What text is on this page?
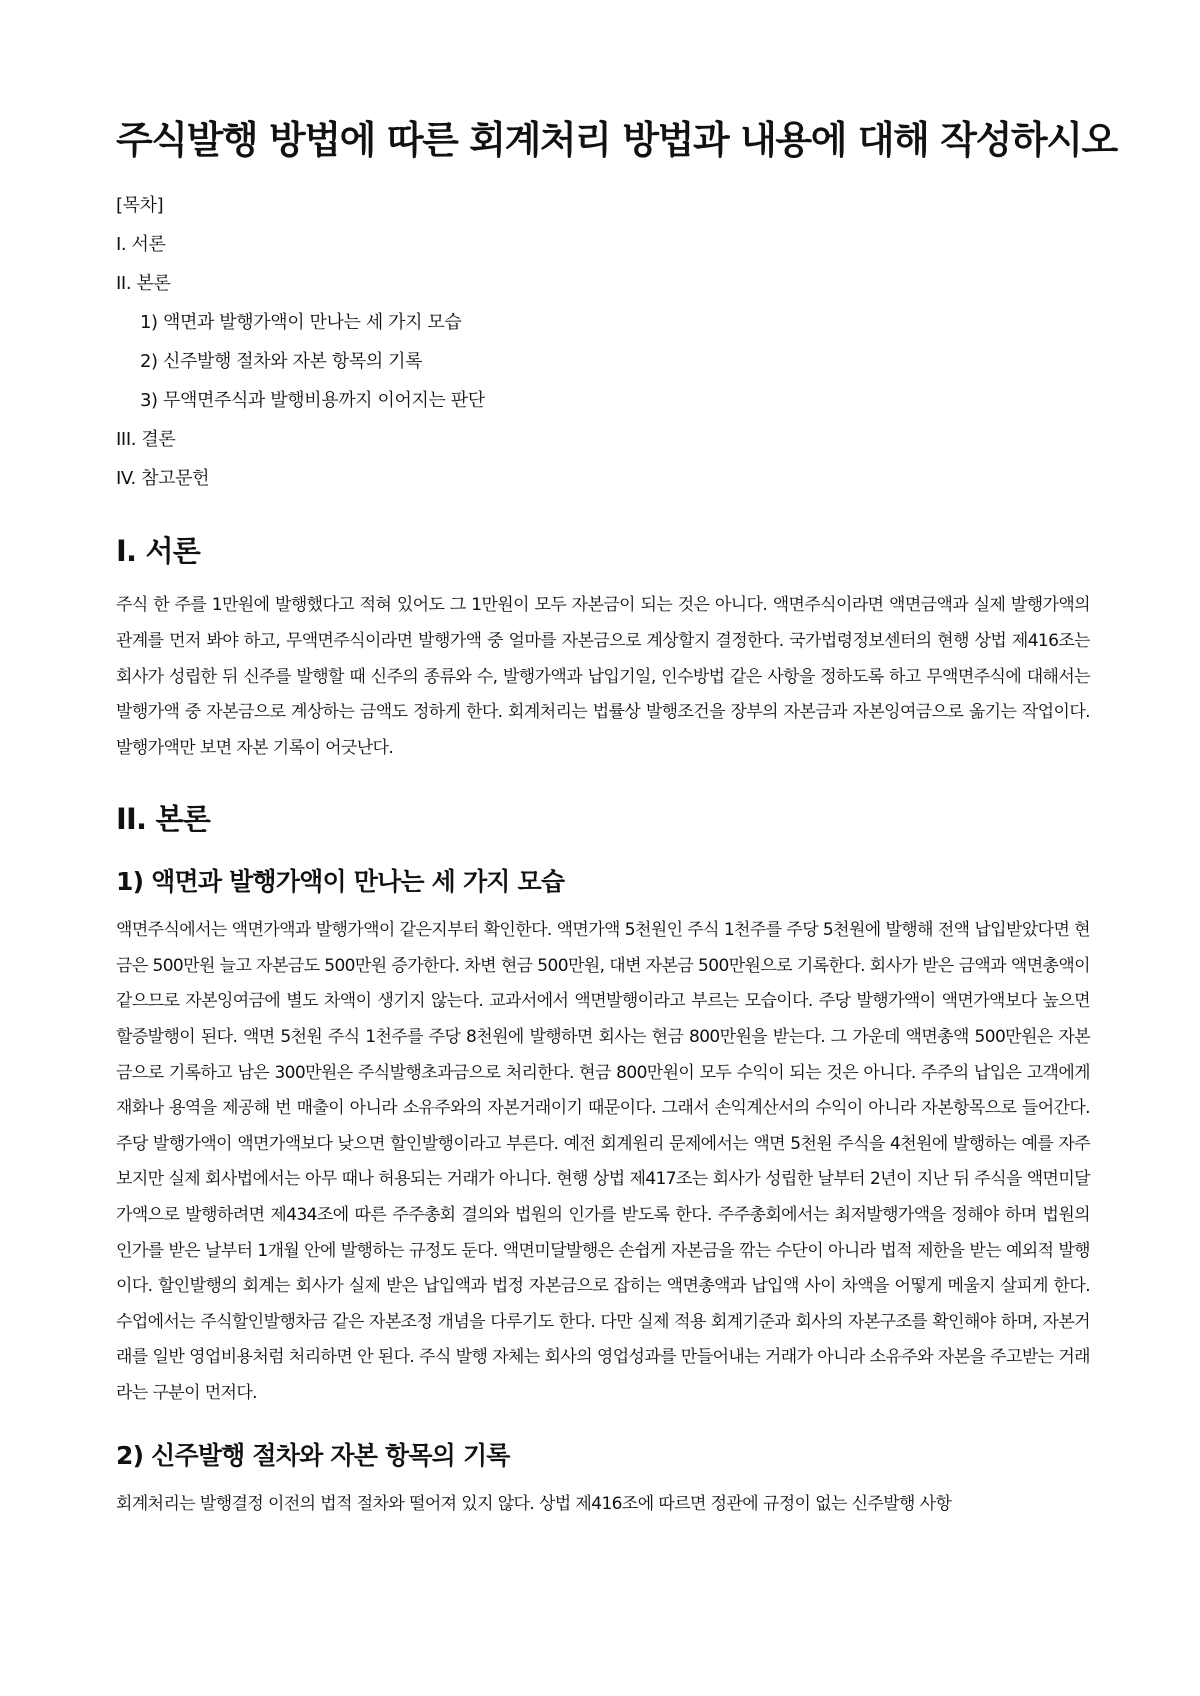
주식발행 방법에 따른 회계처리 방법과 내용에 대해 작성하시오

[목차]

I. 서론

II. 본론

1) 액면과 발행가액이 만나는 세 가지 모습

2) 신주발행 절차와 자본 항목의 기록

3) 무액면주식과 발행비용까지 이어지는 판단

III. 결론

IV. 참고문헌

I. 서론

주식 한 주를 1만원에 발행했다고 적혀 있어도 그 1만원이 모두 자본금이 되는 것은 아니다. 액면주식이라면 액면금액과 실제 발행가액의 관계를 먼저 봐야 하고, 무액면주식이라면 발행가액 중 얼마를 자본금으로 계상할지 결정한다. 국가법령정보센터의 현행 상법 제416조는 회사가 성립한 뒤 신주를 발행할 때 신주의 종류와 수, 발행가액과 납입기일, 인수방법 같은 사항을 정하도록 하고 무액면주식에 대해서는 발행가액 중 자본금으로 계상하는 금액도 정하게 한다. 회계처리는 법률상 발행조건을 장부의 자본금과 자본잉여금으로 옮기는 작업이다. 발행가액만 보면 자본 기록이 어긋난다.

II. 본론
1) 액면과 발행가액이 만나는 세 가지 모습

액면주식에서는 액면가액과 발행가액이 같은지부터 확인한다. 액면가액 5천원인 주식 1천주를 주당 5천원에 발행해 전액 납입받았다면 현금은 500만원 늘고 자본금도 500만원 증가한다. 차변 현금 500만원, 대변 자본금 500만원으로 기록한다. 회사가 받은 금액과 액면총액이 같으므로 자본잉여금에 별도 차액이 생기지 않는다. 교과서에서 액면발행이라고 부르는 모습이다. 주당 발행가액이 액면가액보다 높으면 할증발행이 된다. 액면 5천원 주식 1천주를 주당 8천원에 발행하면 회사는 현금 800만원을 받는다. 그 가운데 액면총액 500만원은 자본금으로 기록하고 남은 300만원은 주식발행초과금으로 처리한다. 현금 800만원이 모두 수익이 되는 것은 아니다. 주주의 납입은 고객에게 재화나 용역을 제공해 번 매출이 아니라 소유주와의 자본거래이기 때문이다. 그래서 손익계산서의 수익이 아니라 자본항목으로 들어간다. 주당 발행가액이 액면가액보다 낮으면 할인발행이라고 부른다. 예전 회계원리 문제에서는 액면 5천원 주식을 4천원에 발행하는 예를 자주 보지만 실제 회사법에서는 아무 때나 허용되는 거래가 아니다. 현행 상법 제417조는 회사가 성립한 날부터 2년이 지난 뒤 주식을 액면미달가액으로 발행하려면 제434조에 따른 주주총회 결의와 법원의 인가를 받도록 한다. 주주총회에서는 최저발행가액을 정해야 하며 법원의 인가를 받은 날부터 1개월 안에 발행하는 규정도 둔다. 액면미달발행은 손쉽게 자본금을 깎는 수단이 아니라 법적 제한을 받는 예외적 발행이다. 할인발행의 회계는 회사가 실제 받은 납입액과 법정 자본금으로 잡히는 액면총액과 납입액 사이 차액을 어떻게 메울지 살피게 한다. 수업에서는 주식할인발행차금 같은 자본조정 개념을 다루기도 한다. 다만 실제 적용 회계기준과 회사의 자본구조를 확인해야 하며, 자본거래를 일반 영업비용처럼 처리하면 안 된다. 주식 발행 자체는 회사의 영업성과를 만들어내는 거래가 아니라 소유주와 자본을 주고받는 거래라는 구분이 먼저다.

2) 신주발행 절차와 자본 항목의 기록

회계처리는 발행결정 이전의 법적 절차와 떨어져 있지 않다. 상법 제416조에 따르면 정관에 규정이 없는 신주발행 사항
